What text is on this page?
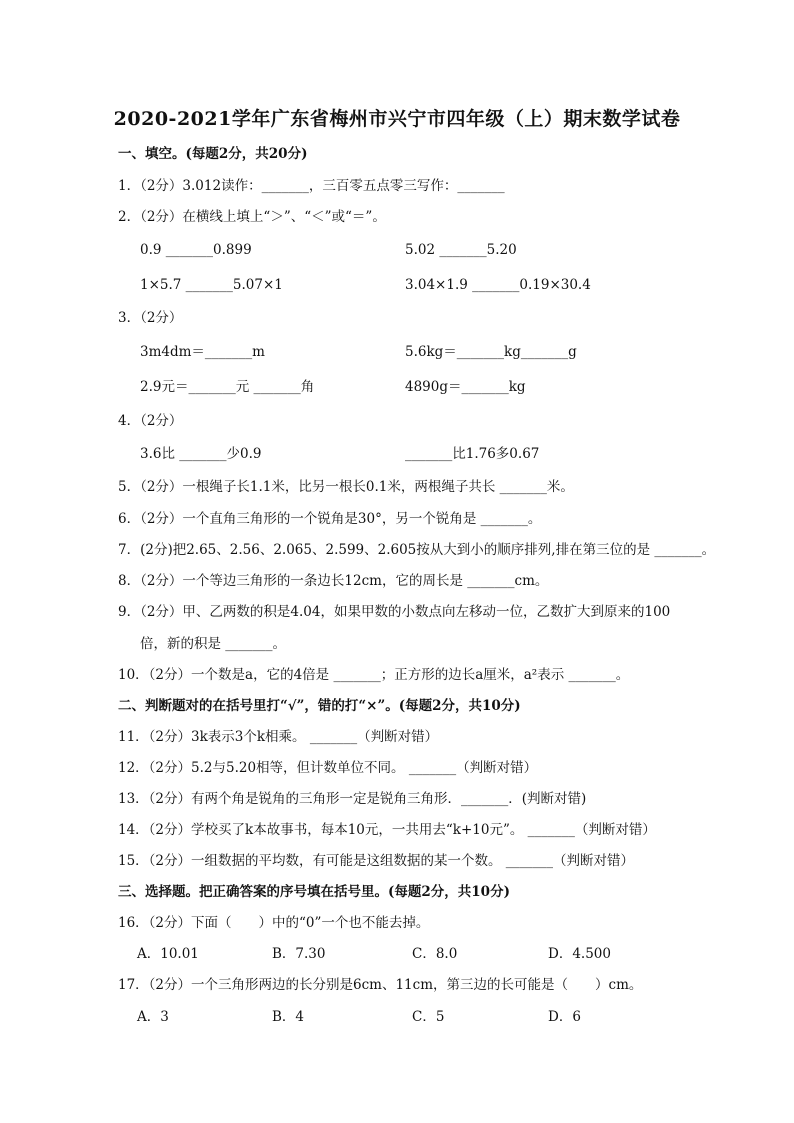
2020-2021学年广东省梅州市兴宁市四年级（上）期末数学试卷
一、填空。(每题2分，共20分)
1．（2分）3.012读作：_______，三百零五点零三写作：_______
2．（2分）在横线上填上“＞”、“＜”或“＝”。
0.9 _______0.899	5.02 _______5.20
1×5.7 _______5.07×1	3.04×1.9 _______0.19×30.4
3．（2分）
3m4dm＝_______m	5.6kg＝_______kg_______g
2.9元＝_______元 _______角	4890g＝_______kg
4．（2分）
3.6比 _______少0.9	_______比1.76多0.67
5．（2分）一根绳子长1.1米，比另一根长0.1米，两根绳子共长 _______米。
6．（2分）一个直角三角形的一个锐角是30°，另一个锐角是 _______。
7．(2分)把2.65、2.56、2.065、2.599、2.605按从大到小的顺序排列,排在第三位的是 _______。
8．（2分）一个等边三角形的一条边长12cm，它的周长是 _______cm。
9．（2分）甲、乙两数的积是4.04，如果甲数的小数点向左移动一位，乙数扩大到原来的100
倍，新的积是 _______。
10．（2分）一个数是a，它的4倍是 _______；正方形的边长a厘米，a²表示 _______。
二、判断题对的在括号里打“√”，错的打“×”。(每题2分，共10分)
11．（2分）3k表示3个k相乘。 _______（判断对错）
12．（2分）5.2与5.20相等，但计数单位不同。 _______（判断对错）
13．（2分）有两个角是锐角的三角形一定是锐角三角形．_______．(判断对错)
14．（2分）学校买了k本故事书，每本10元，一共用去“k+10元”。 _______（判断对错）
15．（2分）一组数据的平均数，有可能是这组数据的某一个数。 _______（判断对错）
三、选择题。把正确答案的序号填在括号里。(每题2分，共10分)
16．（2分）下面（　　）中的“0”一个也不能去掉。
A．10.01	B．7.30	C．8.0	D．4.500
17．（2分）一个三角形两边的长分别是6cm、11cm，第三边的长可能是（　　）cm。
A．3	B．4	C．5	D．6
